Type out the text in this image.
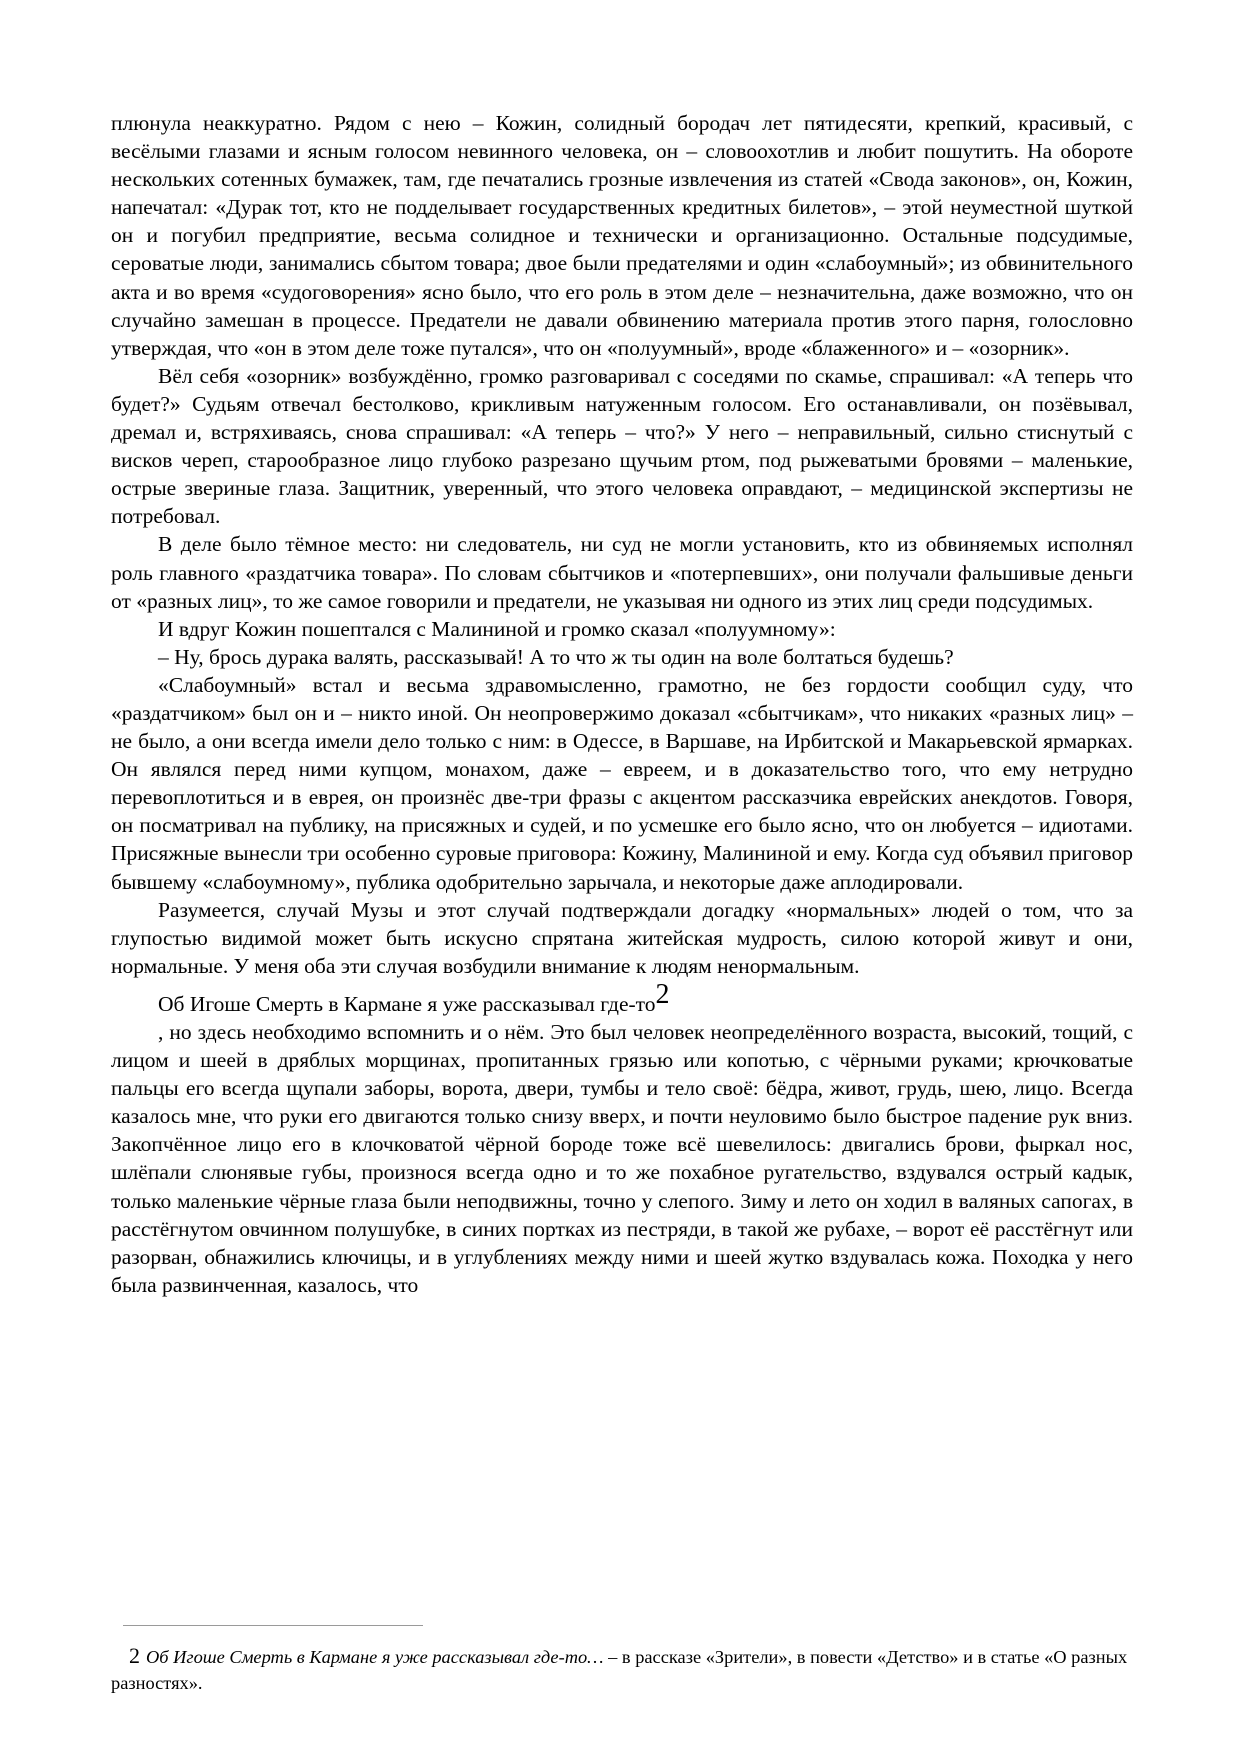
плюнула неаккуратно. Рядом с нею – Кожин, солидный бородач лет пятидесяти, крепкий, красивый, с весёлыми глазами и ясным голосом невинного человека, он – словоохотлив и любит пошутить. На обороте нескольких сотенных бумажек, там, где печатались грозные извлечения из статей «Свода законов», он, Кожин, напечатал: «Дурак тот, кто не подделывает государственных кредитных билетов», – этой неуместной шуткой он и погубил предприятие, весьма солидное и технически и организационно. Остальные подсудимые, сероватые люди, занимались сбытом товара; двое были предателями и один «слабоумный»; из обвинительного акта и во время «судоговорения» ясно было, что его роль в этом деле – незначительна, даже возможно, что он случайно замешан в процессе. Предатели не давали обвинению материала против этого парня, голословно утверждая, что «он в этом деле тоже путался», что он «полуумный», вроде «блаженного» и – «озорник».

Вёл себя «озорник» возбуждённо, громко разговаривал с соседями по скамье, спрашивал: «А теперь что будет?» Судьям отвечал бестолково, крикливым натуженным голосом. Его останавливали, он позёвывал, дремал и, встряхиваясь, снова спрашивал: «А теперь – что?» У него – неправильный, сильно стиснутый с висков череп, старообразное лицо глубоко разрезано щучьим ртом, под рыжеватыми бровями – маленькие, острые звериные глаза. Защитник, уверенный, что этого человека оправдают, – медицинской экспертизы не потребовал.

В деле было тёмное место: ни следователь, ни суд не могли установить, кто из обвиняемых исполнял роль главного «раздатчика товара». По словам сбытчиков и «потерпевших», они получали фальшивые деньги от «разных лиц», то же самое говорили и предатели, не указывая ни одного из этих лиц среди подсудимых.

И вдруг Кожин пошептался с Малининой и громко сказал «полуумному»:

– Ну, брось дурака валять, рассказывай! А то что ж ты один на воле болтаться будешь?

«Слабоумный» встал и весьма здравомысленно, грамотно, не без гордости сообщил суду, что «раздатчиком» был он и – никто иной. Он неопровержимо доказал «сбытчикам», что никаких «разных лиц» – не было, а они всегда имели дело только с ним: в Одессе, в Варшаве, на Ирбитской и Макарьевской ярмарках. Он являлся перед ними купцом, монахом, даже – евреем, и в доказательство того, что ему нетрудно перевоплотиться и в еврея, он произнёс две-три фразы с акцентом рассказчика еврейских анекдотов. Говоря, он посматривал на публику, на присяжных и судей, и по усмешке его было ясно, что он любуется – идиотами. Присяжные вынесли три особенно суровые приговора: Кожину, Малининой и ему. Когда суд объявил приговор бывшему «слабоумному», публика одобрительно зарычала, и некоторые даже аплодировали.

Разумеется, случай Музы и этот случай подтверждали догадку «нормальных» людей о том, что за глупостью видимой может быть искусно спрятана житейская мудрость, силою которой живут и они, нормальные. У меня оба эти случая возбудили внимание к людям ненормальным.

Об Игоше Смерть в Кармане я уже рассказывал где-то2

, но здесь необходимо вспомнить и о нём. Это был человек неопределённого возраста, высокий, тощий, с лицом и шеей в дряблых морщинах, пропитанных грязью или копотью, с чёрными руками; крючковатые пальцы его всегда щупали заборы, ворота, двери, тумбы и тело своё: бёдра, живот, грудь, шею, лицо. Всегда казалось мне, что руки его двигаются только снизу вверх, и почти неуловимо было быстрое падение рук вниз. Закопчённое лицо его в клочковатой чёрной бороде тоже всё шевелилось: двигались брови, фыркал нос, шлёпали слюнявые губы, произнося всегда одно и то же похабное ругательство, вздувался острый кадык, только маленькие чёрные глаза были неподвижны, точно у слепого. Зиму и лето он ходил в валяных сапогах, в расстёгнутом овчинном полушубке, в синих портках из пестряди, в такой же рубахе, – ворот её расстёгнут или разорван, обнажились ключицы, и в углублениях между ними и шеей жутко вздувалась кожа. Походка у него была развинченная, казалось, что

2 Об Игоше Смерть в Кармане я уже рассказывал где-то… – в рассказе «Зрители», в повести «Детство» и в статье «О разных разностях».
